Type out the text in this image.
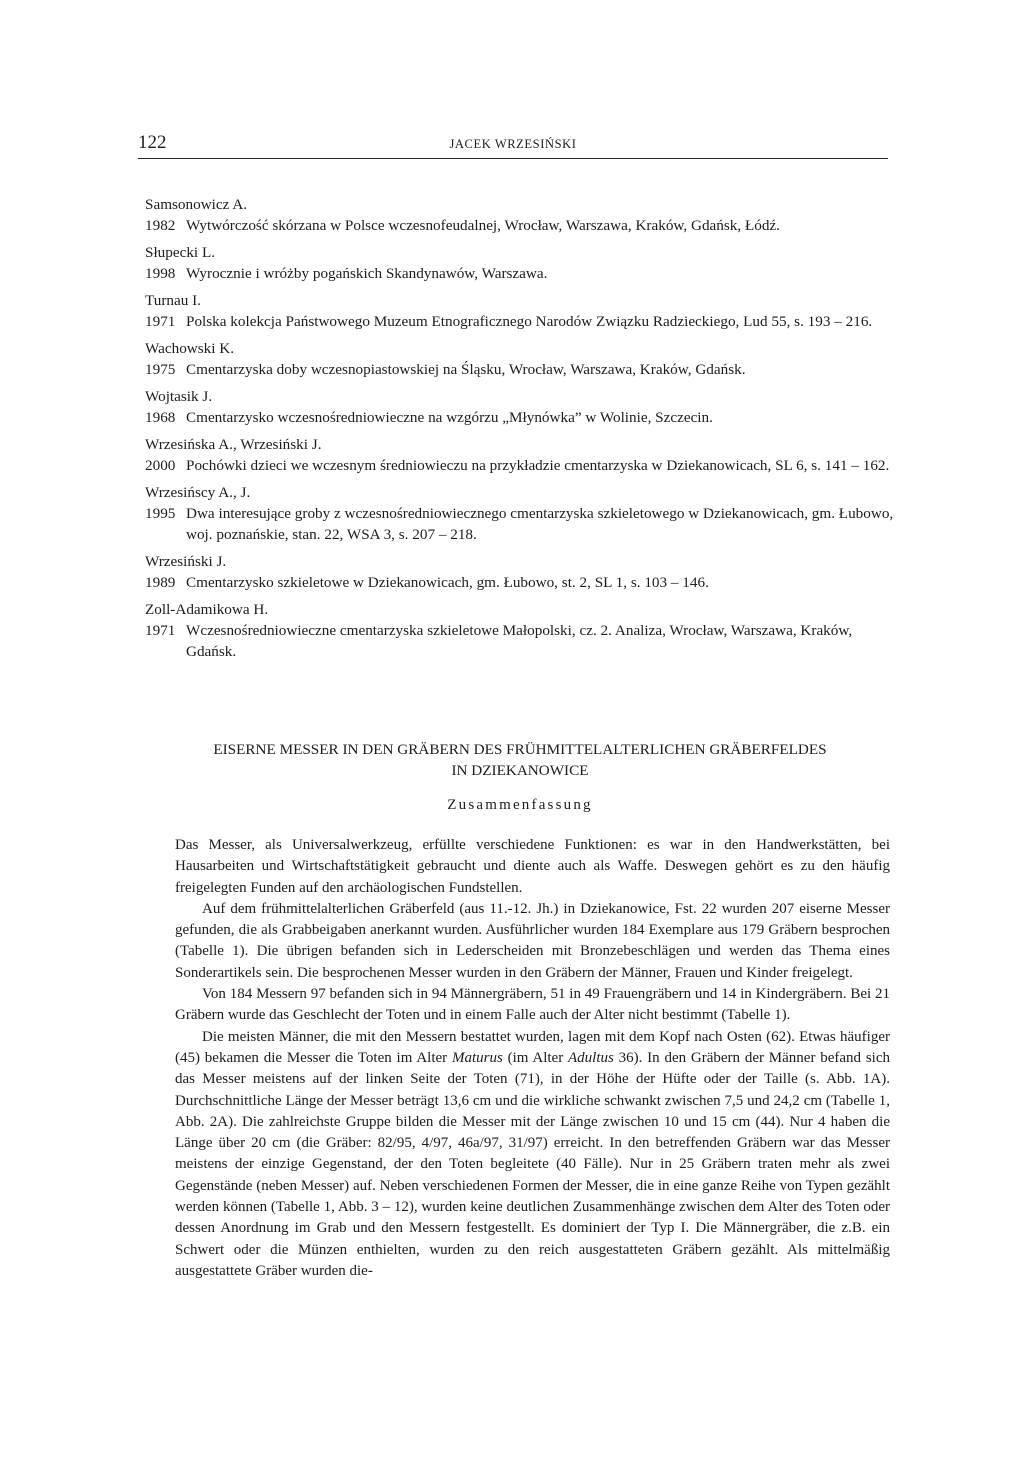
122	JACEK WRZESIŃSKI
Samsonowicz A.
1982 Wytwórczość skórzana w Polsce wczesnofeudalnej, Wrocław, Warszawa, Kraków, Gdańsk, Łódź.
Słupecki L.
1998 Wyrocznie i wróżby pogańskich Skandynawów, Warszawa.
Turnau I.
1971 Polska kolekcja Państwowego Muzeum Etnograficznego Narodów Związku Radzieckiego, Lud 55, s. 193 – 216.
Wachowski K.
1975 Cmentarzyska doby wczesnopiastowskiej na Śląsku, Wrocław, Warszawa, Kraków, Gdańsk.
Wojtasik J.
1968 Cmentarzysko wczesnośredniowieczne na wzgórzu „Młynówka” w Wolinie, Szczecin.
Wrzesińska A., Wrzesiński J.
2000 Pochówki dzieci we wczesnym średniowieczu na przykładzie cmentarzyska w Dziekanowicach, SL 6, s. 141 – 162.
Wrzesińscy A., J.
1995 Dwa interesujące groby z wczesnośredniowiecznego cmentarzyska szkieletowego w Dziekanowicach, gm. Łubowo, woj. poznańskie, stan. 22, WSA 3, s. 207 – 218.
Wrzesiński J.
1989 Cmentarzysko szkieletowe w Dziekanowicach, gm. Łubowo, st. 2, SL 1, s. 103 – 146.
Zoll-Adamikowa H.
1971 Wczesnośredniowieczne cmentarzyska szkieletowe Małopolski, cz. 2. Analiza, Wrocław, Warszawa, Kraków, Gdańsk.
EISERNE MESSER IN DEN GRÄBERN DES FRÜHMITTELALTERLICHEN GRÄBERFELDES
IN DZIEKANOWICE
Zusammenfassung

Das Messer, als Universalwerkzeug, erfüllte verschiedene Funktionen: es war in den Handwerkstätten, bei Hausarbeiten und Wirtschaftstätigkeit gebraucht und diente auch als Waffe. Deswegen gehört es zu den häufig freigelegten Funden auf den archäologischen Fundstellen.

Auf dem frühmittelalterlichen Gräberfeld (aus 11.-12. Jh.) in Dziekanowice, Fst. 22 wurden 207 eiserne Messer gefunden, die als Grabbeigaben anerkannt wurden. Ausführlicher wurden 184 Exemplare aus 179 Gräbern besprochen (Tabelle 1). Die übrigen befanden sich in Lederscheiden mit Bronzebeschlägen und werden das Thema eines Sonderartikels sein. Die besprochenen Messer wurden in den Gräbern der Männer, Frauen und Kinder freigelegt.

Von 184 Messern 97 befanden sich in 94 Männergräbern, 51 in 49 Frauengräbern und 14 in Kindergräbern. Bei 21 Gräbern wurde das Geschlecht der Toten und in einem Falle auch der Alter nicht bestimmt (Tabelle 1).

Die meisten Männer, die mit den Messern bestattet wurden, lagen mit dem Kopf nach Osten (62). Etwas häufiger (45) bekamen die Messer die Toten im Alter Maturus (im Alter Adultus 36). In den Gräbern der Männer befand sich das Messer meistens auf der linken Seite der Toten (71), in der Höhe der Hüfte oder der Taille (s. Abb. 1A). Durchschnittliche Länge der Messer beträgt 13,6 cm und die wirkliche schwankt zwischen 7,5 und 24,2 cm (Tabelle 1, Abb. 2A). Die zahlreichste Gruppe bilden die Messer mit der Länge zwischen 10 und 15 cm (44). Nur 4 haben die Länge über 20 cm (die Gräber: 82/95, 4/97, 46a/97, 31/97) erreicht. In den betreffenden Gräbern war das Messer meistens der einzige Gegenstand, der den Toten begleitete (40 Fälle). Nur in 25 Gräbern traten mehr als zwei Gegenstände (neben Messer) auf. Neben verschiedenen Formen der Messer, die in eine ganze Reihe von Typen gezählt werden können (Tabelle 1, Abb. 3 – 12), wurden keine deutlichen Zusammenhänge zwischen dem Alter des Toten oder dessen Anordnung im Grab und den Messern festgestellt. Es dominiert der Typ I. Die Männergräber, die z.B. ein Schwert oder die Münzen enthielten, wurden zu den reich ausgestatteten Gräbern gezählt. Als mittelmäßig ausgestattete Gräber wurden die-
